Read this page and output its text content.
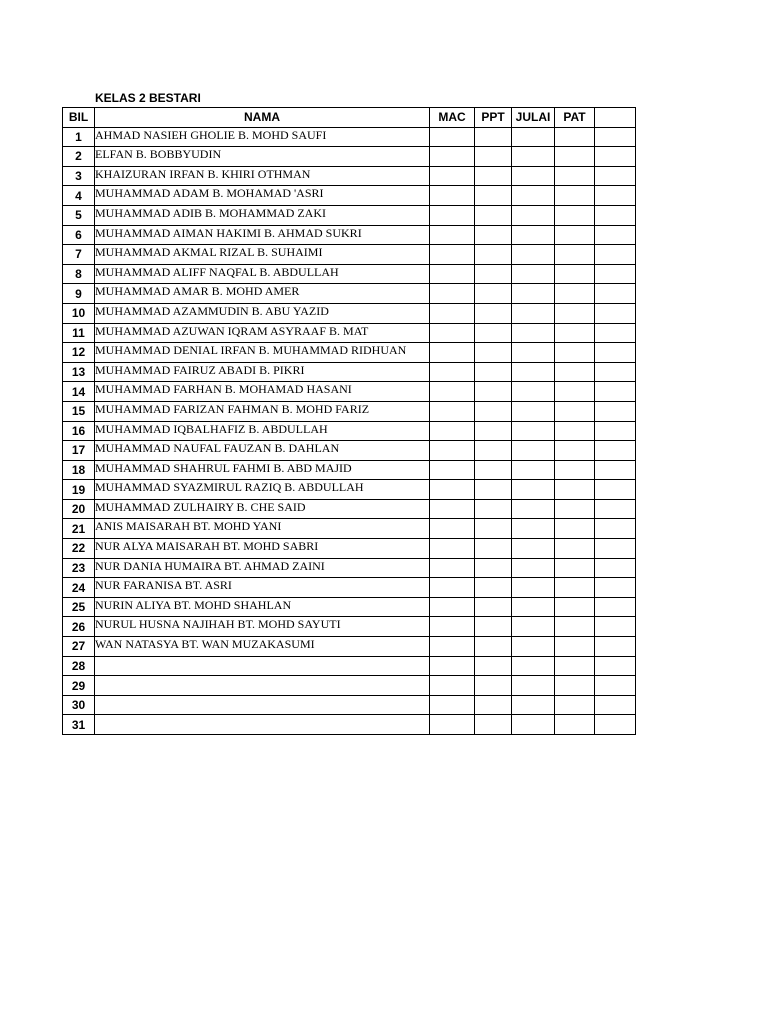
KELAS 2 BESTARI
BIL	NAMA	MAC	PPT	JULAI	PAT	
1	AHMAD NASIEH GHOLIE B. MOHD SAUFI					
2	ELFAN B. BOBBYUDIN					
3	KHAIZURAN IRFAN B. KHIRI OTHMAN					
4	MUHAMMAD ADAM B. MOHAMAD 'ASRI					
5	MUHAMMAD ADIB B. MOHAMMAD ZAKI					
6	MUHAMMAD AIMAN HAKIMI B. AHMAD SUKRI					
7	MUHAMMAD AKMAL RIZAL B. SUHAIMI					
8	MUHAMMAD ALIFF NAQFAL B. ABDULLAH					
9	MUHAMMAD AMAR B. MOHD AMER					
10	MUHAMMAD AZAMMUDIN B. ABU YAZID					
11	MUHAMMAD AZUWAN IQRAM ASYRAAF B. MAT					
12	MUHAMMAD DENIAL IRFAN B. MUHAMMAD RIDHUAN					
13	MUHAMMAD FAIRUZ ABADI B. PIKRI					
14	MUHAMMAD FARHAN B. MOHAMAD HASANI					
15	MUHAMMAD FARIZAN FAHMAN B. MOHD FARIZ					
16	MUHAMMAD IQBALHAFIZ B. ABDULLAH					
17	MUHAMMAD NAUFAL FAUZAN B. DAHLAN					
18	MUHAMMAD SHAHRUL FAHMI B. ABD MAJID					
19	MUHAMMAD SYAZMIRUL RAZIQ B. ABDULLAH					
20	MUHAMMAD ZULHAIRY B. CHE SAID					
21	ANIS MAISARAH BT. MOHD YANI					
22	NUR ALYA MAISARAH BT. MOHD SABRI					
23	NUR DANIA HUMAIRA BT. AHMAD ZAINI					
24	NUR FARANISA BT. ASRI					
25	NURIN ALIYA BT. MOHD SHAHLAN					
26	NURUL HUSNA NAJIHAH BT. MOHD SAYUTI					
27	WAN NATASYA BT. WAN MUZAKASUMI					
28						
29						
30						
31						
